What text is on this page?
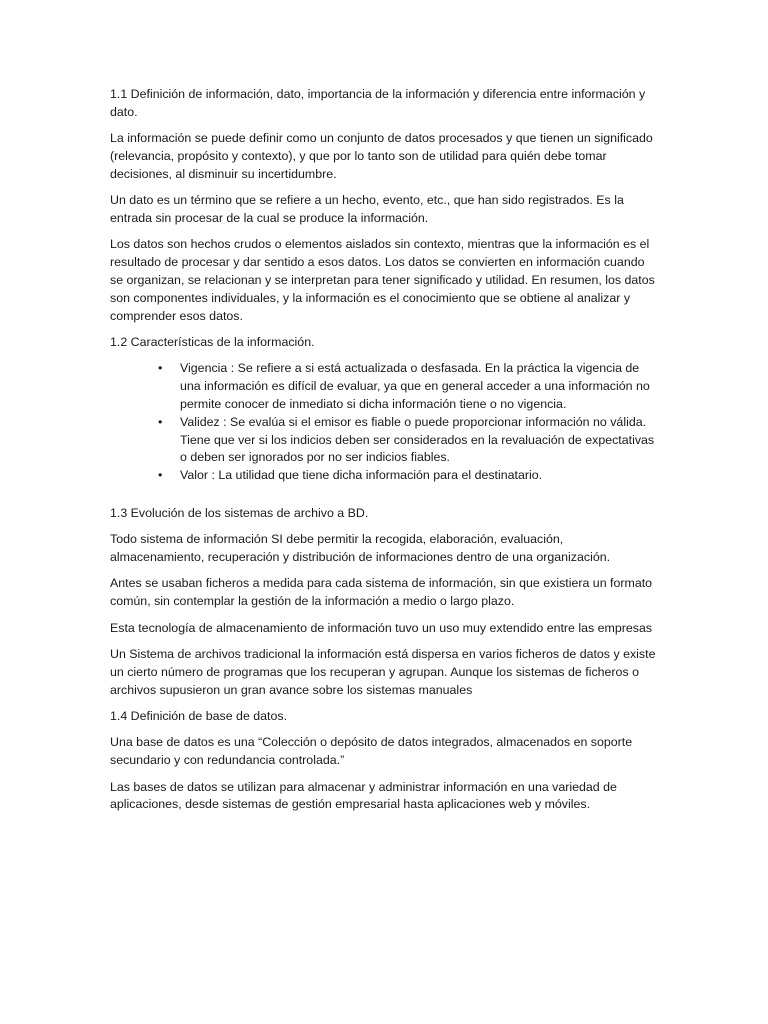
1.1 Definición de información, dato, importancia de la información y diferencia entre información y dato.

La información se puede definir como un conjunto de datos procesados y que tienen un significado (relevancia, propósito y contexto), y que por lo tanto son de utilidad para quién debe tomar decisiones, al disminuir su incertidumbre.

Un dato es un término que se refiere a un hecho, evento, etc., que han sido registrados. Es la entrada sin procesar de la cual se produce la información.

Los datos son hechos crudos o elementos aislados sin contexto, mientras que la información es el resultado de procesar y dar sentido a esos datos. Los datos se convierten en información cuando se organizan, se relacionan y se interpretan para tener significado y utilidad. En resumen, los datos son componentes individuales, y la información es el conocimiento que se obtiene al analizar y comprender esos datos.

1.2 Características de la información.

• Vigencia : Se refiere a si está actualizada o desfasada. En la práctica la vigencia de una información es difícil de evaluar, ya que en general acceder a una información no permite conocer de inmediato si dicha información tiene o no vigencia.
• Validez : Se evalúa si el emisor es fiable o puede proporcionar información no válida. Tiene que ver si los indicios deben ser considerados en la revaluación de expectativas o deben ser ignorados por no ser indicios fiables.
• Valor : La utilidad que tiene dicha información para el destinatario.

1.3 Evolución de los sistemas de archivo a BD.

Todo sistema de información SI debe permitir la recogida, elaboración, evaluación, almacenamiento, recuperación y distribución de informaciones dentro de una organización.

Antes se usaban ficheros a medida para cada sistema de información, sin que existiera un formato común, sin contemplar la gestión de la información a medio o largo plazo.

Esta tecnología de almacenamiento de información tuvo un uso muy extendido entre las empresas

Un Sistema de archivos tradicional la información está dispersa en varios ficheros de datos y existe un cierto número de programas que los recuperan y agrupan. Aunque los sistemas de ficheros o archivos supusieron un gran avance sobre los sistemas manuales

1.4 Definición de base de datos.

Una base de datos es una “Colección o depósito de datos integrados, almacenados en soporte secundario y con redundancia controlada.”

Las bases de datos se utilizan para almacenar y administrar información en una variedad de aplicaciones, desde sistemas de gestión empresarial hasta aplicaciones web y móviles.
